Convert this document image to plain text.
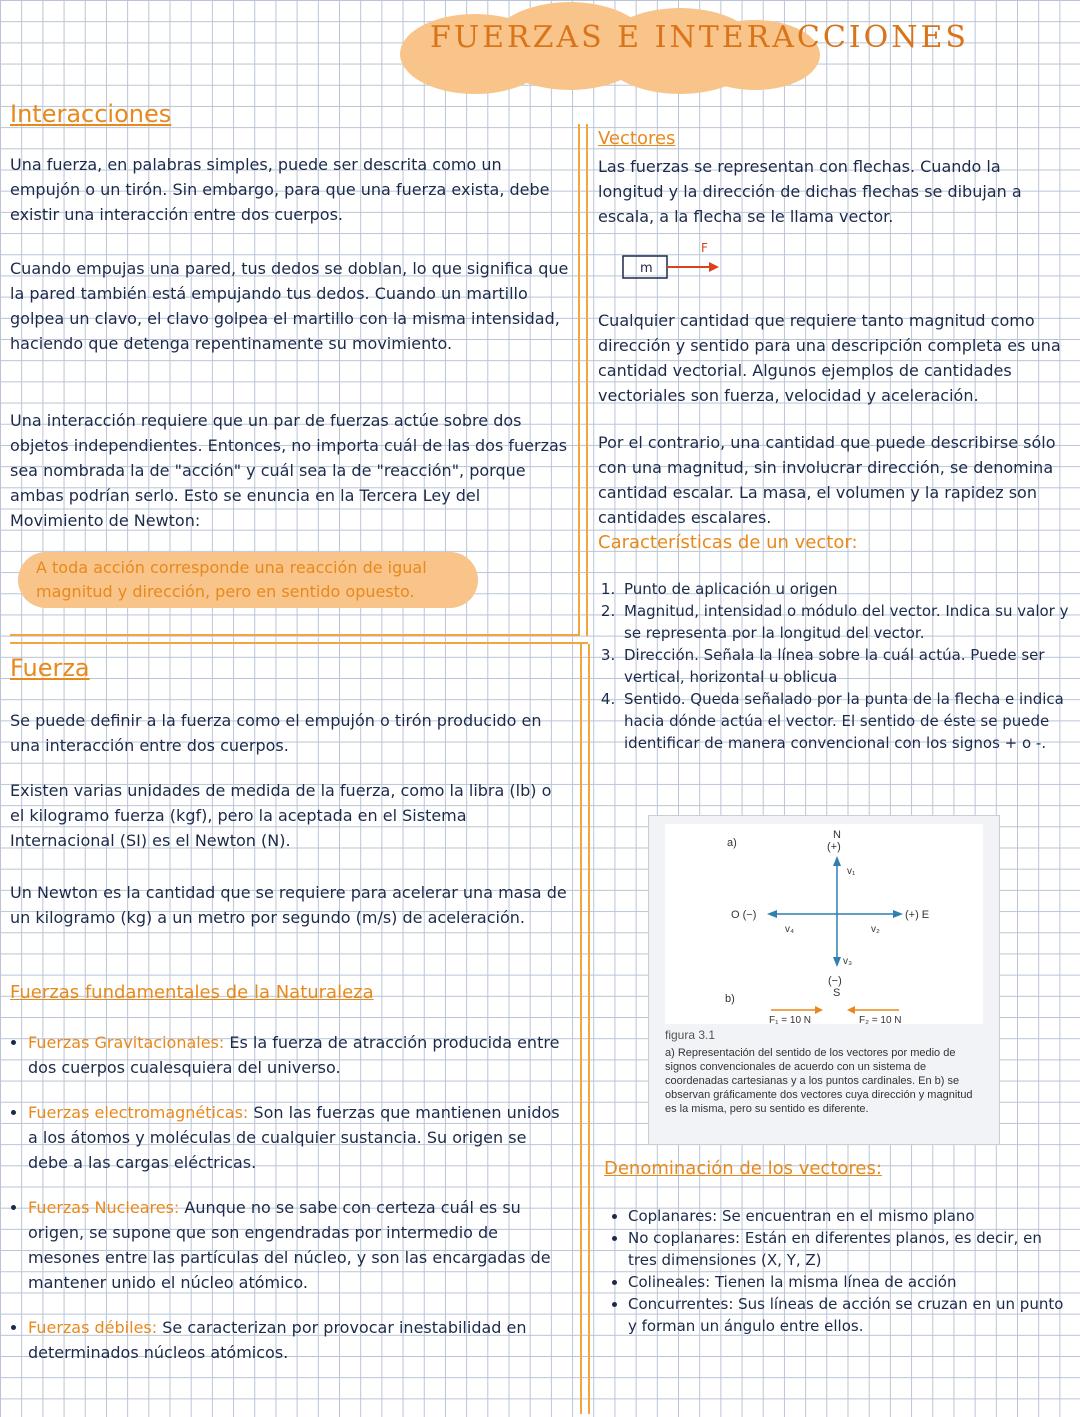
FUERZAS E INTERACCIONES
Interacciones
Una fuerza, en palabras simples, puede ser descrita como un empujón o un tirón. Sin embargo, para que una fuerza exista, debe existir una interacción entre dos cuerpos.
Cuando empujas una pared, tus dedos se doblan, lo que significa que la pared también está empujando tus dedos. Cuando un martillo golpea un clavo, el clavo golpea el martillo con la misma intensidad, haciendo que detenga repentinamente su movimiento.
Una interacción requiere que un par de fuerzas actúe sobre dos objetos independientes. Entonces, no importa cuál de las dos fuerzas sea nombrada la de "acción" y cuál sea la de "reacción", porque ambas podrían serlo. Esto se enuncia en la Tercera Ley del Movimiento de Newton:
A toda acción corresponde una reacción de igual magnitud y dirección, pero en sentido opuesto.
Fuerza
Se puede definir a la fuerza como el empujón o tirón producido en una interacción entre dos cuerpos.
Existen varias unidades de medida de la fuerza, como la libra (lb) o el kilogramo fuerza (kgf), pero la aceptada en el Sistema Internacional (SI) es el Newton (N).
Un Newton es la cantidad que se requiere para acelerar una masa de un kilogramo (kg) a un metro por segundo (m/s) de aceleración.
Fuerzas fundamentales de la Naturaleza
• Fuerzas Gravitacionales: Es la fuerza de atracción producida entre dos cuerpos cualesquiera del universo.
• Fuerzas electromagnéticas: Son las fuerzas que mantienen unidos a los átomos y moléculas de cualquier sustancia. Su origen se debe a las cargas eléctricas.
• Fuerzas Nucleares: Aunque no se sabe con certeza cuál es su origen, se supone que son engendradas por intermedio de mesones entre las partículas del núcleo, y son las encargadas de mantener unido el núcleo atómico.
• Fuerzas débiles: Se caracterizan por provocar inestabilidad en determinados núcleos atómicos.
Vectores
Las fuerzas se representan con flechas. Cuando la longitud y la dirección de dichas flechas se dibujan a escala, a la flecha se le llama vector.
F
m
Cualquier cantidad que requiere tanto magnitud como dirección y sentido para una descripción completa es una cantidad vectorial. Algunos ejemplos de cantidades vectoriales son fuerza, velocidad y aceleración.
Por el contrario, una cantidad que puede describirse sólo con una magnitud, sin involucrar dirección, se denomina cantidad escalar. La masa, el volumen y la rapidez son cantidades escalares.
Características de un vector:
1. Punto de aplicación u origen
2. Magnitud, intensidad o módulo del vector. Indica su valor y se representa por la longitud del vector.
3. Dirección. Señala la línea sobre la cuál actúa. Puede ser vertical, horizontal u oblicua
4. Sentido. Queda señalado por la punta de la flecha e indica hacia dónde actúa el vector. El sentido de éste se puede identificar de manera convencional con los signos + o -.
a)
N
(+)
v₁
O (−)	(+) E
v₄	v₂
v₃
(−)
S
b)
F₁ = 10 N	F₂ = 10 N
figura 3.1
a) Representación del sentido de los vectores por medio de signos convencionales de acuerdo con un sistema de coordenadas cartesianas y a los puntos cardinales. En b) se observan gráficamente dos vectores cuya dirección y magnitud es la misma, pero su sentido es diferente.
Denominación de los vectores:
• Coplanares: Se encuentran en el mismo plano
• No coplanares: Están en diferentes planos, es decir, en tres dimensiones (X, Y, Z)
• Colineales: Tienen la misma línea de acción
• Concurrentes: Sus líneas de acción se cruzan en un punto y forman un ángulo entre ellos.
